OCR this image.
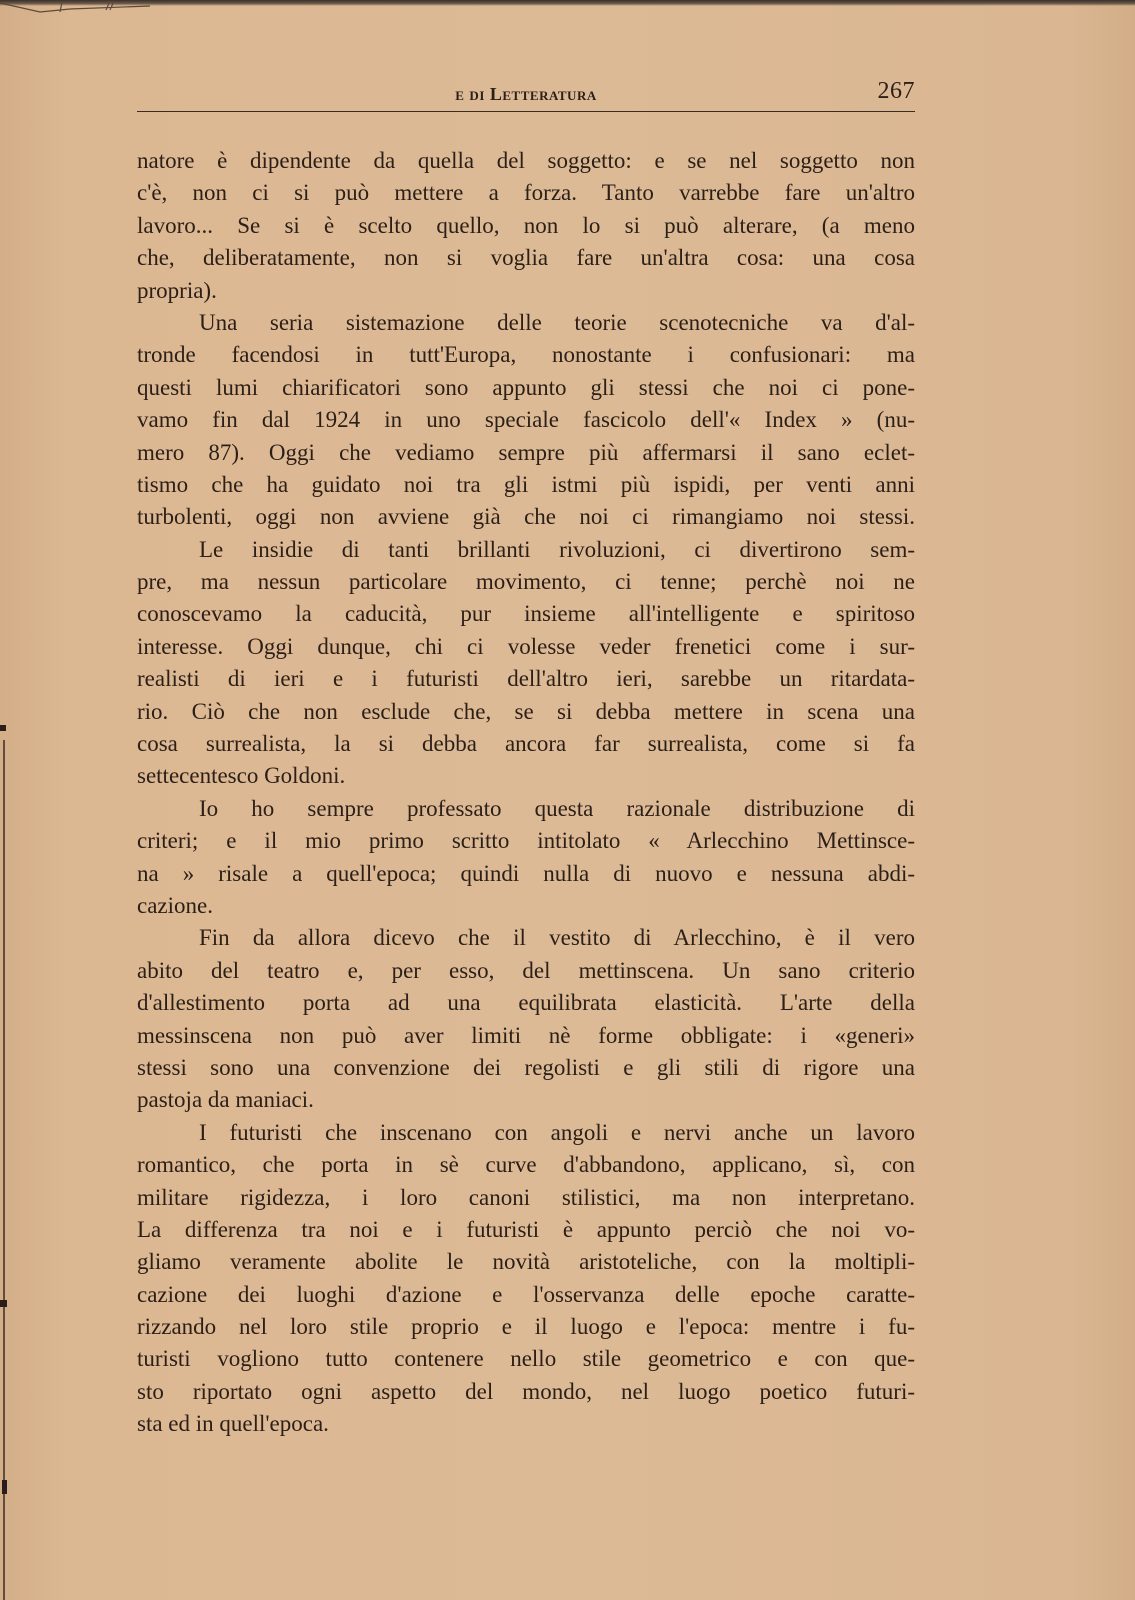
e di Letteratura	267
natore è dipendente da quella del soggetto: e se nel soggetto non
c'è, non ci si può mettere a forza. Tanto varrebbe fare un'altro
lavoro... Se si è scelto quello, non lo si può alterare, (a meno
che, deliberatamente, non si voglia fare un'altra cosa: una cosa
propria).
Una seria sistemazione delle teorie scenotecniche va d'al-
tronde facendosi in tutt'Europa, nonostante i confusionari: ma
questi lumi chiarificatori sono appunto gli stessi che noi ci pone-
vamo fin dal 1924 in uno speciale fascicolo dell'« Index » (nu-
mero 87). Oggi che vediamo sempre più affermarsi il sano eclet-
tismo che ha guidato noi tra gli istmi più ispidi, per venti anni
turbolenti, oggi non avviene già che noi ci rimangiamo noi stessi.
Le insidie di tanti brillanti rivoluzioni, ci divertirono sem-
pre, ma nessun particolare movimento, ci tenne; perchè noi ne
conoscevamo la caducità, pur insieme all'intelligente e spiritoso
interesse. Oggi dunque, chi ci volesse veder frenetici come i sur-
realisti di ieri e i futuristi dell'altro ieri, sarebbe un ritardata-
rio. Ciò che non esclude che, se si debba mettere in scena una
cosa surrealista, la si debba ancora far surrealista, come si fa
settecentesco Goldoni.
Io ho sempre professato questa razionale distribuzione di
criteri; e il mio primo scritto intitolato « Arlecchino Mettinsce-
na » risale a quell'epoca; quindi nulla di nuovo e nessuna abdi-
cazione.
Fin da allora dicevo che il vestito di Arlecchino, è il vero
abito del teatro e, per esso, del mettinscena. Un sano criterio
d'allestimento porta ad una equilibrata elasticità. L'arte della
messinscena non può aver limiti nè forme obbligate: i «generi»
stessi sono una convenzione dei regolisti e gli stili di rigore una
pastoja da maniaci.
I futuristi che inscenano con angoli e nervi anche un lavoro
romantico, che porta in sè curve d'abbandono, applicano, sì, con
militare rigidezza, i loro canoni stilistici, ma non interpretano.
La differenza tra noi e i futuristi è appunto perciò che noi vo-
gliamo veramente abolite le novità aristoteliche, con la moltipli-
cazione dei luoghi d'azione e l'osservanza delle epoche caratte-
rizzando nel loro stile proprio e il luogo e l'epoca: mentre i fu-
turisti vogliono tutto contenere nello stile geometrico e con que-
sto riportato ogni aspetto del mondo, nel luogo poetico futuri-
sta ed in quell'epoca.
